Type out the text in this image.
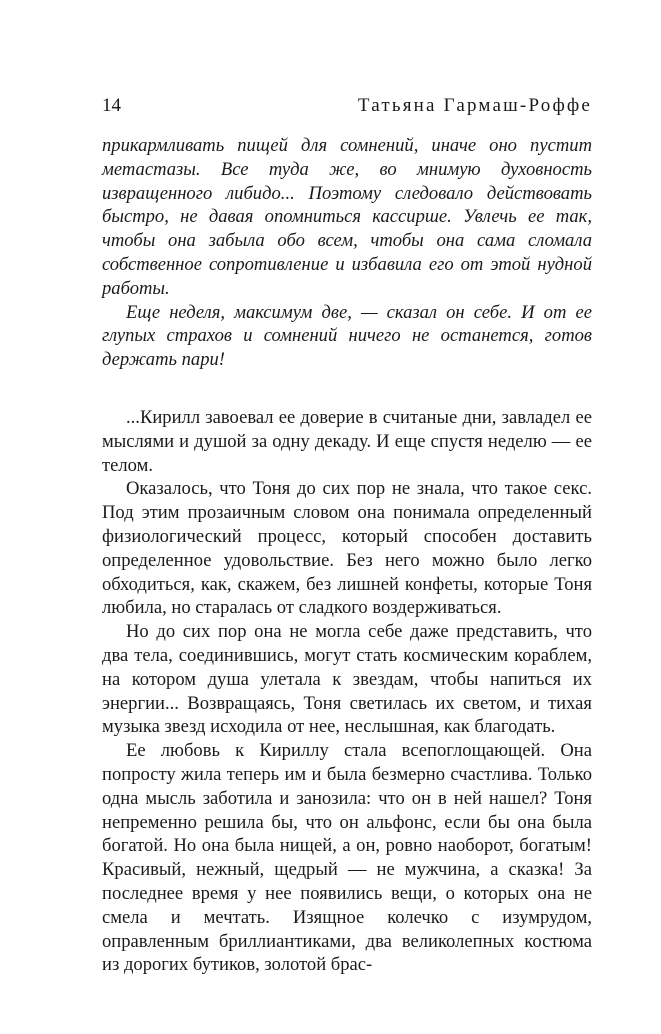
14	Татьяна Гармаш-Роффе

прикармливать пищей для сомнений, иначе оно пустит метастазы. Все туда же, во мнимую духовность извращенного либидо... Поэтому следовало действовать быстро, не давая опомниться кассирше. Увлечь ее так, чтобы она забыла обо всем, чтобы она сама сломала собственное сопротивление и избавила его от этой нудной работы.

Еще неделя, максимум две, — сказал он себе. И от ее глупых страхов и сомнений ничего не останется, готов держать пари!

...Кирилл завоевал ее доверие в считаные дни, завладел ее мыслями и душой за одну декаду. И еще спустя неделю — ее телом.

Оказалось, что Тоня до сих пор не знала, что такое секс. Под этим прозаичным словом она понимала определенный физиологический процесс, который способен доставить определенное удовольствие. Без него можно было легко обходиться, как, скажем, без лишней конфеты, которые Тоня любила, но старалась от сладкого воздерживаться.

Но до сих пор она не могла себе даже представить, что два тела, соединившись, могут стать космическим кораблем, на котором душа улетала к звездам, чтобы напиться их энергии... Возвращаясь, Тоня светилась их светом, и тихая музыка звезд исходила от нее, неслышная, как благодать.

Ее любовь к Кириллу стала всепоглощающей. Она попросту жила теперь им и была безмерно счастлива. Только одна мысль заботила и занозила: что он в ней нашел? Тоня непременно решила бы, что он альфонс, если бы она была богатой. Но она была нищей, а он, ровно наоборот, богатым! Красивый, нежный, щедрый — не мужчина, а сказка! За последнее время у нее появились вещи, о которых она не смела и мечтать. Изящное колечко с изумрудом, оправленным бриллиантиками, два великолепных костюма из дорогих бутиков, золотой брас-
